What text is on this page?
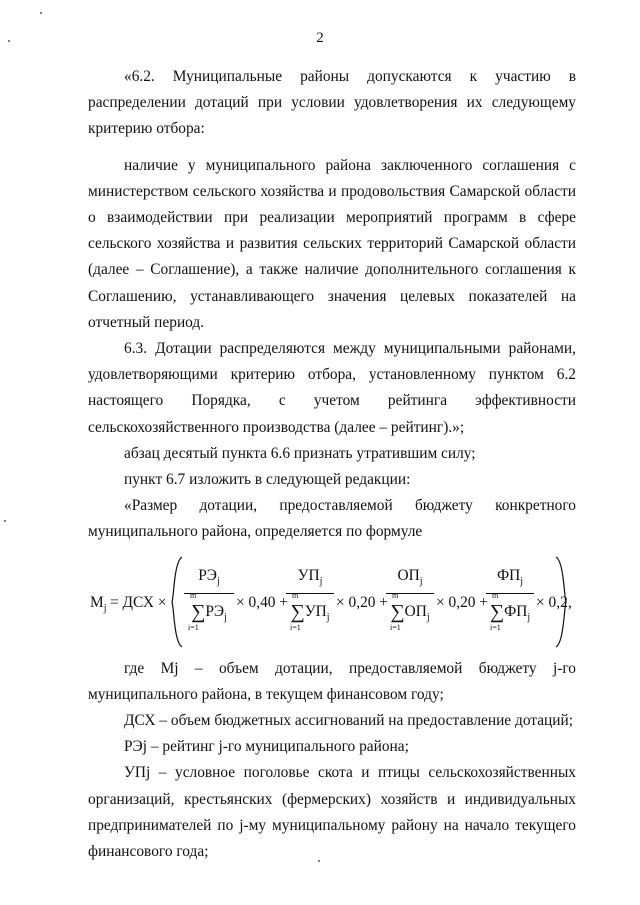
2

«6.2. Муниципальные районы допускаются к участию в распределении дотаций при условии удовлетворения их следующему критерию отбора:

наличие у муниципального района заключенного соглашения с министерством сельского хозяйства и продовольствия Самарской области о взаимодействии при реализации мероприятий программ в сфере сельского хозяйства и развития сельских территорий Самарской области (далее – Соглашение), а также наличие дополнительного соглашения к Соглашению, устанавливающего значения целевых показателей на отчетный период.

6.3. Дотации распределяются между муниципальными районами, удовлетворяющими критерию отбора, установленному пунктом 6.2 настоящего Порядка, с учетом рейтинга эффективности сельскохозяйственного производства (далее – рейтинг).»;

абзац десятый пункта 6.6 признать утратившим силу;

пункт 6.7 изложить в следующей редакции:

«Размер дотации, предоставляемой бюджету конкретного муниципального района, определяется по формуле

$M_j$ = ДСХ ×
$РЭ_j$
$\sum РЭ_j$
m
i=1
× 0,40 +
$УП_j$
$\sum УП_j$
m
i=1
× 0,20 +
$ОП_j$
$\sum ОП_j$
m
i=1
× 0,20 +
$ФП_j$
$\sum ФП_j$
m
i=1
× 0,2 ,

где Mj – объем дотации, предоставляемой бюджету j-го муниципального района, в текущем финансовом году;

ДСХ – объем бюджетных ассигнований на предоставление дотаций;

РЭj – рейтинг j-го муниципального района;

УПj – условное поголовье скота и птицы сельскохозяйственных организаций, крестьянских (фермерских) хозяйств и индивидуальных предпринимателей по j-му муниципальному району на начало текущего финансового года;
